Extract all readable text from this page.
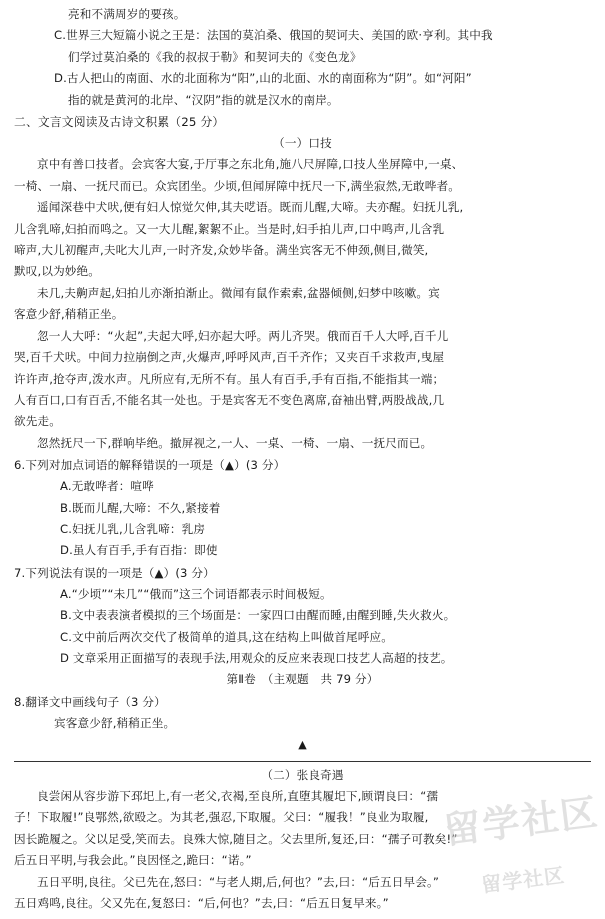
亮和不满周岁的要孩。
C.世界三大短篇小说之王是：法国的莫泊桑、俄国的契诃夫、美国的欧·亨利。其中我
们学过莫泊桑的《我的叔叔于勒》和契诃夫的《变色龙》
D.古人把山的南面、水的北面称为“阳”,山的北面、水的南面称为“阴”。如“河阳”
指的就是黄河的北岸、“汉阴”指的就是汉水的南岸。
二、文言文阅读及古诗文积累（25 分）
（一）口技
京中有善口技者。会宾客大宴,于厅事之东北角,施八尺屏障,口技人坐屏障中,一桌、
一椅、一扇、一抚尺而已。众宾团坐。少顷,但闻屏障中抚尺一下,满坐寂然,无敢哗者。
遥闻深巷中犬吠,便有妇人惊觉欠伸,其夫呓语。既而儿醒,大啼。夫亦醒。妇抚儿乳,
儿含乳啼,妇拍而鸣之。又一大儿醒,絮絮不止。当是时,妇手拍儿声,口中鸣声,儿含乳
啼声,大儿初醒声,夫叱大儿声,一时齐发,众妙毕备。满坐宾客无不伸颈,侧目,微笑,
默叹,以为妙绝。
未几,夫齁声起,妇拍儿亦渐拍渐止。微闻有鼠作索索,盆器倾侧,妇梦中咳嗽。宾
客意少舒,稍稍正坐。
忽一人大呼：“火起”,夫起大呼,妇亦起大呼。两儿齐哭。俄而百千人大呼,百千儿
哭,百千犬吠。中间力拉崩倒之声,火爆声,呼呼风声,百千齐作；又夹百千求救声,曳屋
许许声,抢夺声,泼水声。凡所应有,无所不有。虽人有百手,手有百指,不能指其一端；
人有百口,口有百舌,不能名其一处也。于是宾客无不变色离席,奋袖出臂,两股战战,几
欲先走。
忽然抚尺一下,群响毕绝。撤屏视之,一人、一桌、一椅、一扇、一抚尺而已。
6.下列对加点词语的解释错误的一项是（▲）(3 分）
A.无敢哗者：喧哗
B.既而儿醒,大啼：不久,紧接着
C.妇抚儿乳,儿含乳啼：乳房
D.虽人有百手,手有百指：即使
7.下列说法有误的一项是（▲）(3 分）
A.“少顷”“未几”“俄而”这三个词语都表示时间极短。
B.文中表表演者模拟的三个场面是：一家四口由醒而睡,由醒到睡,失火救火。
C.文中前后两次交代了极简单的道具,这在结构上叫做首尾呼应。
D 文章采用正面描写的表现手法,用观众的反应来表现口技艺人高超的技艺。
第Ⅱ卷　（主观题　共 79 分）
8.翻译文中画线句子（3 分）
宾客意少舒,稍稍正坐。
▲
（二）张良奇遇
良尝闲从容步游下邳圯上,有一老父,衣褐,至良所,直堕其履圯下,顾谓良曰：“孺
子！下取履!”良鄂然,欲殴之。为其老,强忍,下取履。父曰：“履我！”良业为取履,
因长跪履之。父以足受,笑而去。良殊大惊,随目之。父去里所,复还,曰：“孺子可教矣!”
后五日平明,与我会此。”良因怪之,跪曰：“诺。”
五日平明,良往。父已先在,怒曰：“与老人期,后,何也？”去,曰：“后五日早会。”
五日鸡鸣,良往。父又先在,复怒曰：“后,何也？”去,曰：“后五日复早来。”
留学社区
留学社区
